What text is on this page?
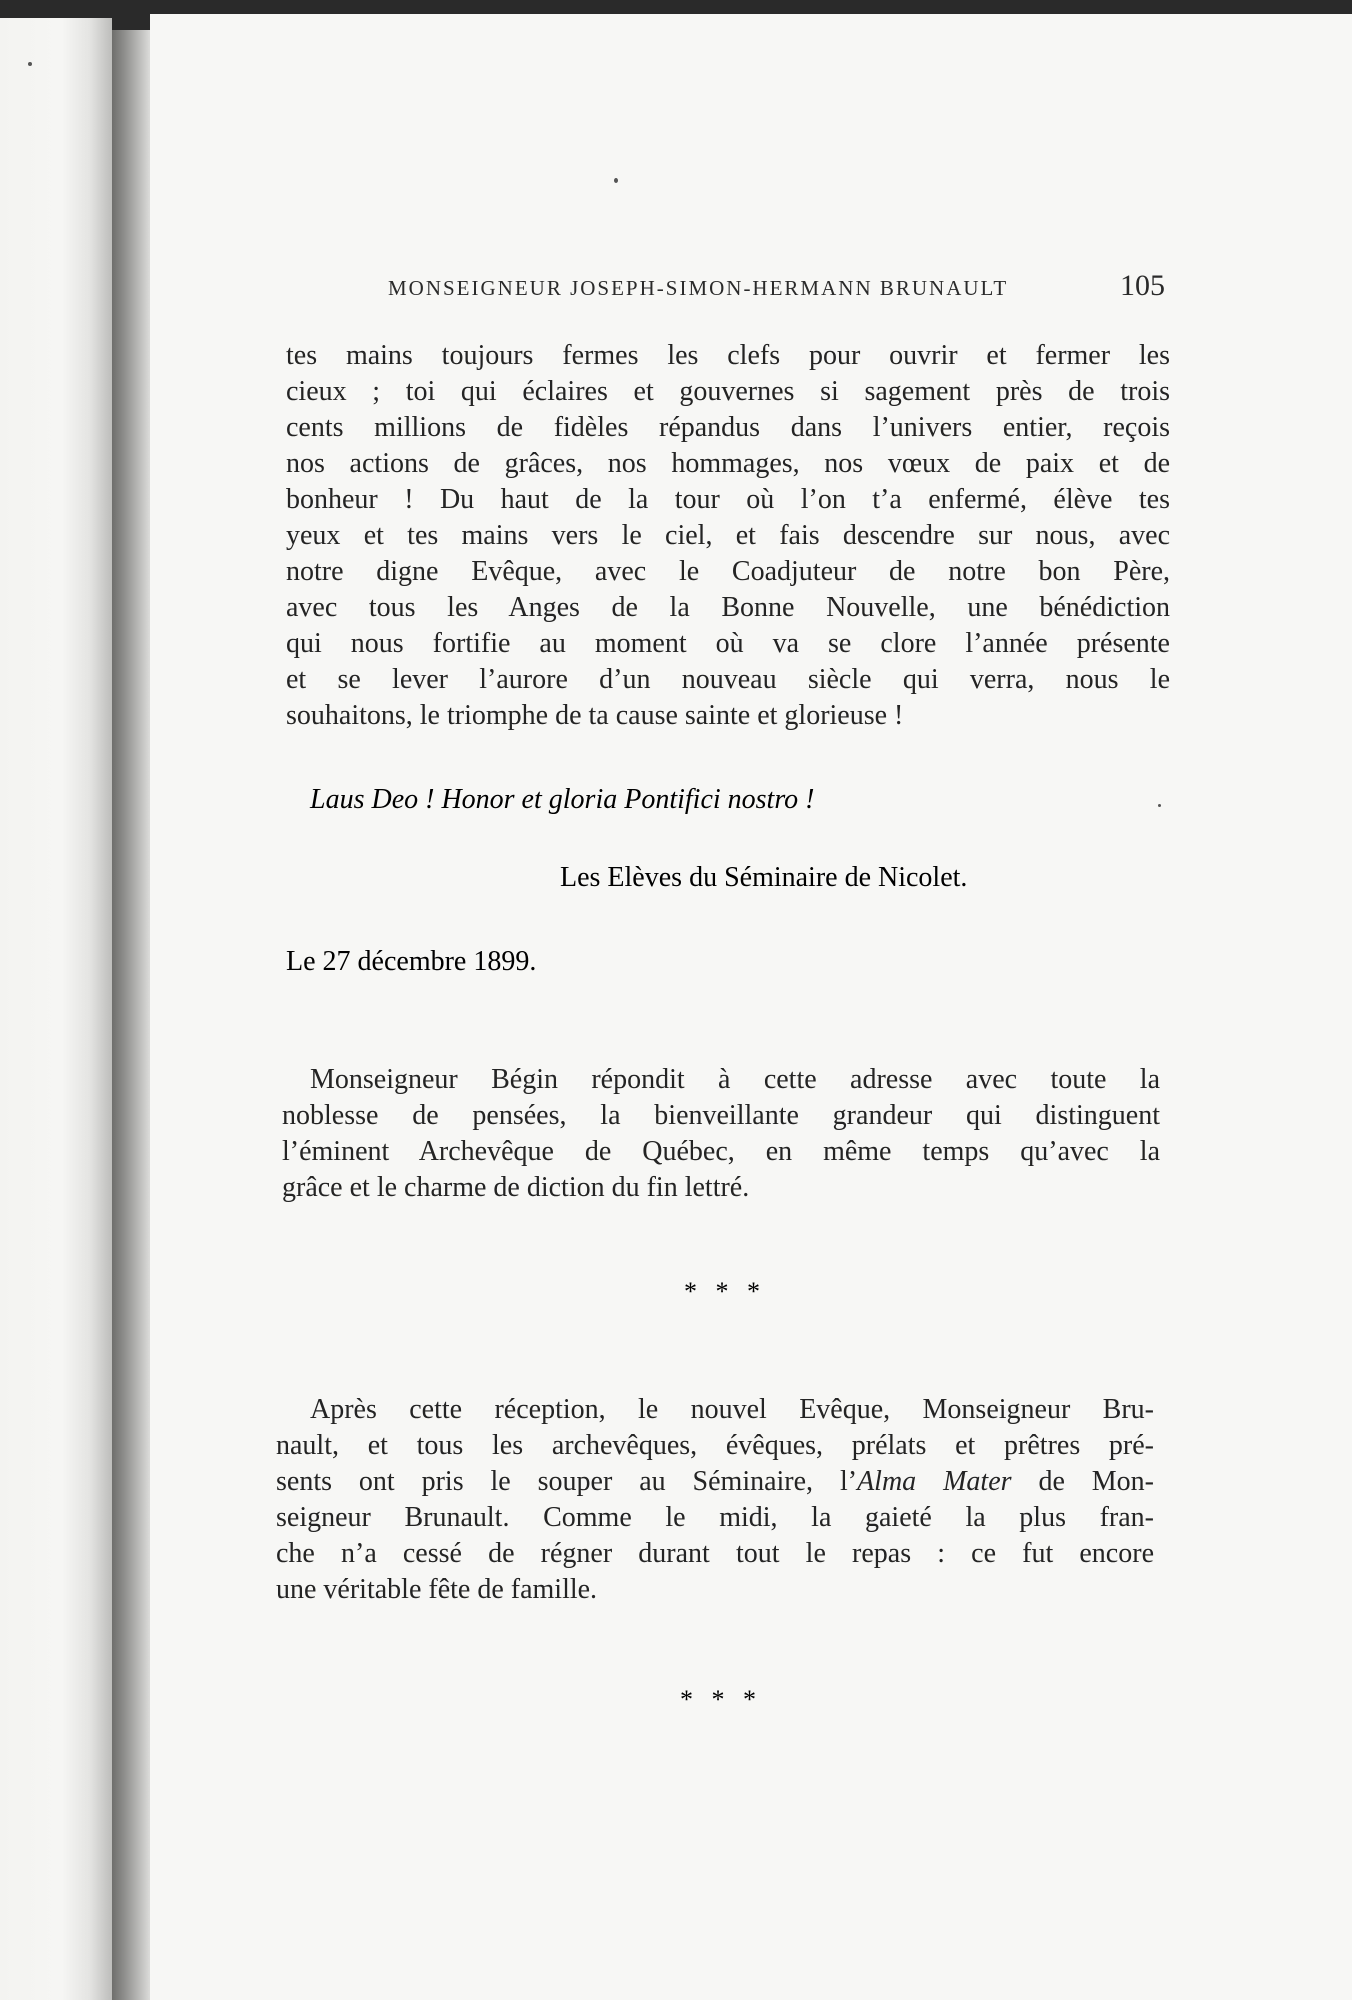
MONSEIGNEUR JOSEPH-SIMON-HERMANN BRUNAULT	105
tes mains toujours fermes les clefs pour ouvrir et fermer les
cieux ; toi qui éclaires et gouvernes si sagement près de trois
cents millions de fidèles répandus dans l’univers entier, reçois
nos actions de grâces, nos hommages, nos vœux de paix et de
bonheur ! Du haut de la tour où l’on t’a enfermé, élève tes
yeux et tes mains vers le ciel, et fais descendre sur nous, avec
notre digne Evêque, avec le Coadjuteur de notre bon Père,
avec tous les Anges de la Bonne Nouvelle, une bénédiction
qui nous fortifie au moment où va se clore l’année présente
et se lever l’aurore d’un nouveau siècle qui verra, nous le
souhaitons, le triomphe de ta cause sainte et glorieuse !
Laus Deo ! Honor et gloria Pontifici nostro !
Les Elèves du Séminaire de Nicolet.
Le 27 décembre 1899.
Monseigneur Bégin répondit à cette adresse avec toute la
noblesse de pensées, la bienveillante grandeur qui distinguent
l’éminent Archevêque de Québec, en même temps qu’avec la
grâce et le charme de diction du fin lettré.
* * *
Après cette réception, le nouvel Evêque, Monseigneur Bru-
nault, et tous les archevêques, évêques, prélats et prêtres pré-
sents ont pris le souper au Séminaire, l’Alma Mater de Mon-
seigneur Brunault. Comme le midi, la gaieté la plus fran-
che n’a cessé de régner durant tout le repas : ce fut encore
une véritable fête de famille.
* * *
